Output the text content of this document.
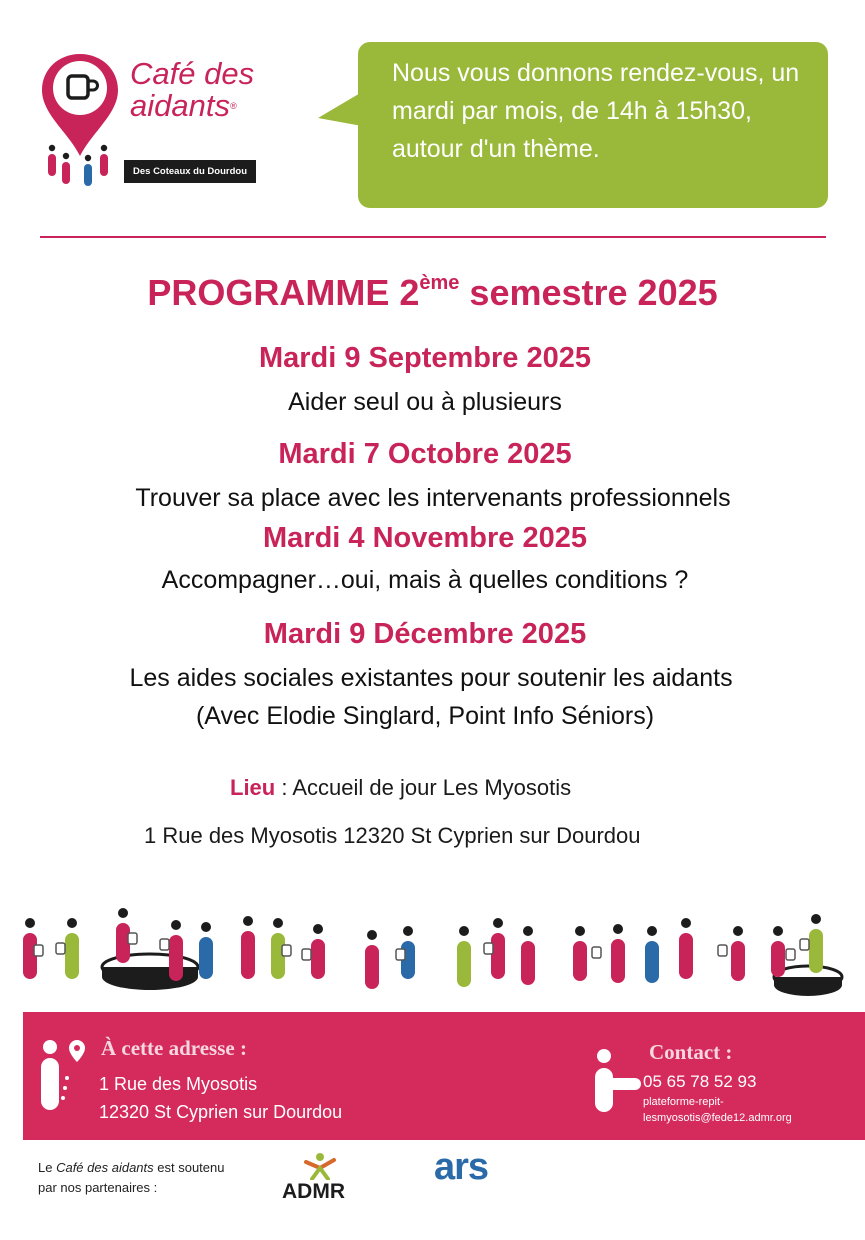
Café des
aidants®
Des Coteaux du Dourdou
Nous vous donnons rendez-vous, un mardi par mois, de 14h à 15h30, autour d'un thème.
PROGRAMME 2ème semestre 2025
Mardi 9 Septembre 2025
Aider seul ou à plusieurs
Mardi 7 Octobre 2025
Trouver sa place avec les intervenants professionnels
Mardi 4 Novembre 2025
Accompagner…oui, mais à quelles conditions ?
Mardi 9 Décembre 2025
Les aides sociales existantes pour soutenir les aidants
(Avec Elodie Singlard, Point Info Séniors)
Lieu : Accueil de jour Les Myosotis
1 Rue des Myosotis 12320 St Cyprien sur Dourdou
À cette adresse :
1 Rue des Myosotis
12320 St Cyprien sur Dourdou
Contact :
05 65 78 52 93
plateforme-repit-
lesmyosotis@fede12.admr.org
Le Café des aidants est soutenu
par nos partenaires :	ADMR
ars
